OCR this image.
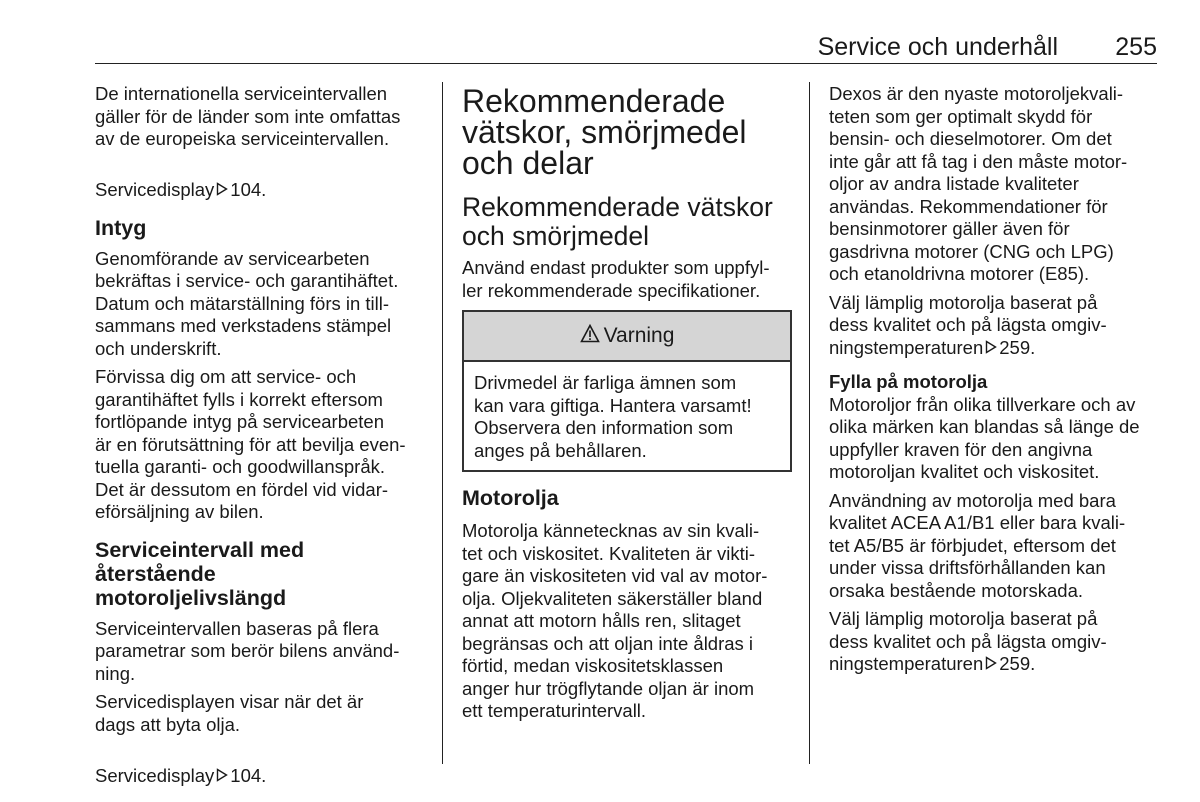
Service och underhåll 255

De internationella serviceintervallen
gäller för de länder som inte omfattas
av de europeiska serviceintervallen.

Servicedisplay 104.

Intyg

Genomförande av servicearbeten
bekräftas i service- och garantihäftet.
Datum och mätarställning förs in till-
sammans med verkstadens stämpel
och underskrift.

Förvissa dig om att service- och
garantihäftet fylls i korrekt eftersom
fortlöpande intyg på servicearbeten
är en förutsättning för att bevilja even-
tuella garanti- och goodwillanspråk.
Det är dessutom en fördel vid vidar-
eförsäljning av bilen.

Serviceintervall med återstående
motoroljelivslängd

Serviceintervallen baseras på flera
parametrar som berör bilens använd-
ning.

Servicedisplayen visar när det är
dags att byta olja.

Servicedisplay 104.

Rekommenderade
vätskor, smörjmedel
och delar
Rekommenderade vätskor
och smörjmedel

Använd endast produkter som uppfyl-
ler rekommenderade specifikationer.

Varning

Drivmedel är farliga ämnen som
kan vara giftiga. Hantera varsamt!
Observera den information som
anges på behållaren.

Motorolja

Motorolja kännetecknas av sin kvali-
tet och viskositet. Kvaliteten är vikti-
gare än viskositeten vid val av motor-
olja. Oljekvaliteten säkerställer bland
annat att motorn hålls ren, slitaget
begränsas och att oljan inte åldras i
förtid, medan viskositetsklassen
anger hur trögflytande oljan är inom
ett temperaturintervall.

Dexos är den nyaste motoroljekvali-
teten som ger optimalt skydd för
bensin- och dieselmotorer. Om det
inte går att få tag i den måste motor-
oljor av andra listade kvaliteter
användas. Rekommendationer för
bensinmotorer gäller även för
gasdrivna motorer (CNG och LPG)
och etanoldrivna motorer (E85).

Välj lämplig motorolja baserat på
dess kvalitet och på lägsta omgiv-
ningstemperaturen 259.

Fylla på motorolja

Motoroljor från olika tillverkare och av
olika märken kan blandas så länge de
uppfyller kraven för den angivna
motoroljan kvalitet och viskositet.

Användning av motorolja med bara
kvalitet ACEA A1/B1 eller bara kvali-
tet A5/B5 är förbjudet, eftersom det
under vissa driftsförhållanden kan
orsaka bestående motorskada.

Välj lämplig motorolja baserat på
dess kvalitet och på lägsta omgiv-
ningstemperaturen 259.
